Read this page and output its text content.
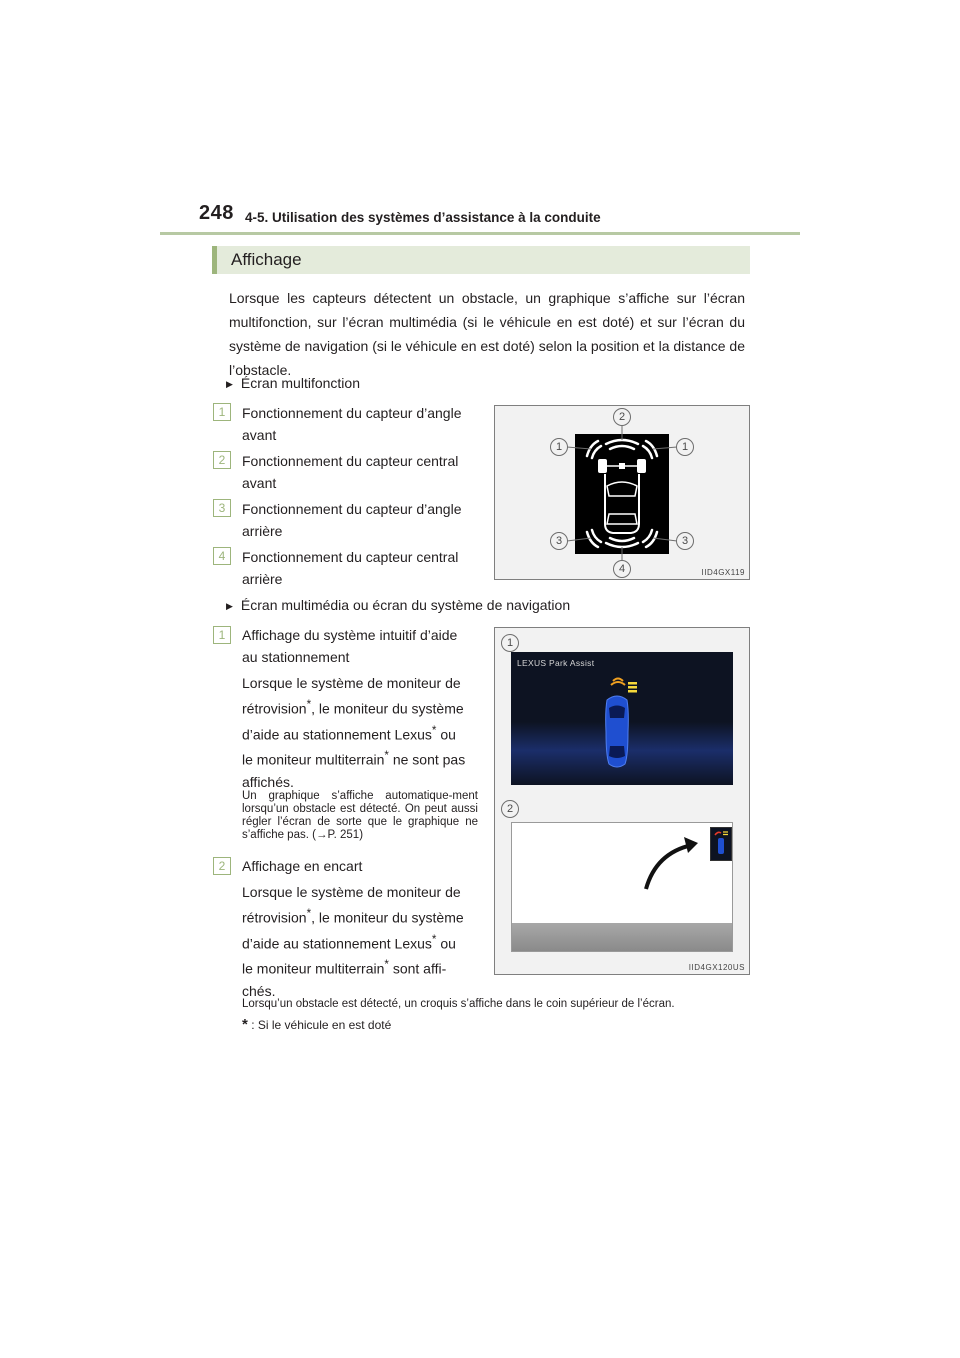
248 4-5. Utilisation des systèmes d’assistance à la conduite
Affichage
Lorsque les capteurs détectent un obstacle, un graphique s’affiche sur l’écran multifonction, sur l’écran multimédia (si le véhicule en est doté) et sur l’écran du système de navigation (si le véhicule en est doté) selon la position et la distance de l’obstacle.
▶ Écran multifonction
1	Fonctionnement du capteur d’angle
avant
2	Fonctionnement du capteur central
avant
3	Fonctionnement du capteur d’angle
arrière
4	Fonctionnement du capteur central
arrière
2
1	1
3	3
4	IID4GX119
▶ Écran multimédia ou écran du système de navigation
1	Affichage du système intuitif d’aide
au stationnement
Lorsque le système de moniteur de
rétrovision*, le moniteur du système
d’aide au stationnement Lexus* ou
le moniteur multiterrain* ne sont pas
affichés.
Un graphique s’affiche automatique-ment lorsqu’un obstacle est détecté. On peut aussi régler l’écran de sorte que le graphique ne s’affiche pas. (→P. 251)
2	Affichage en encart
Lorsque le système de moniteur de
rétrovision*, le moniteur du système
d’aide au stationnement Lexus* ou
le moniteur multiterrain* sont affi-
chés.
1
LEXUS Park Assist
2
IID4GX120US
Lorsqu’un obstacle est détecté, un croquis s’affiche dans le coin supérieur de l’écran.
* : Si le véhicule en est doté
